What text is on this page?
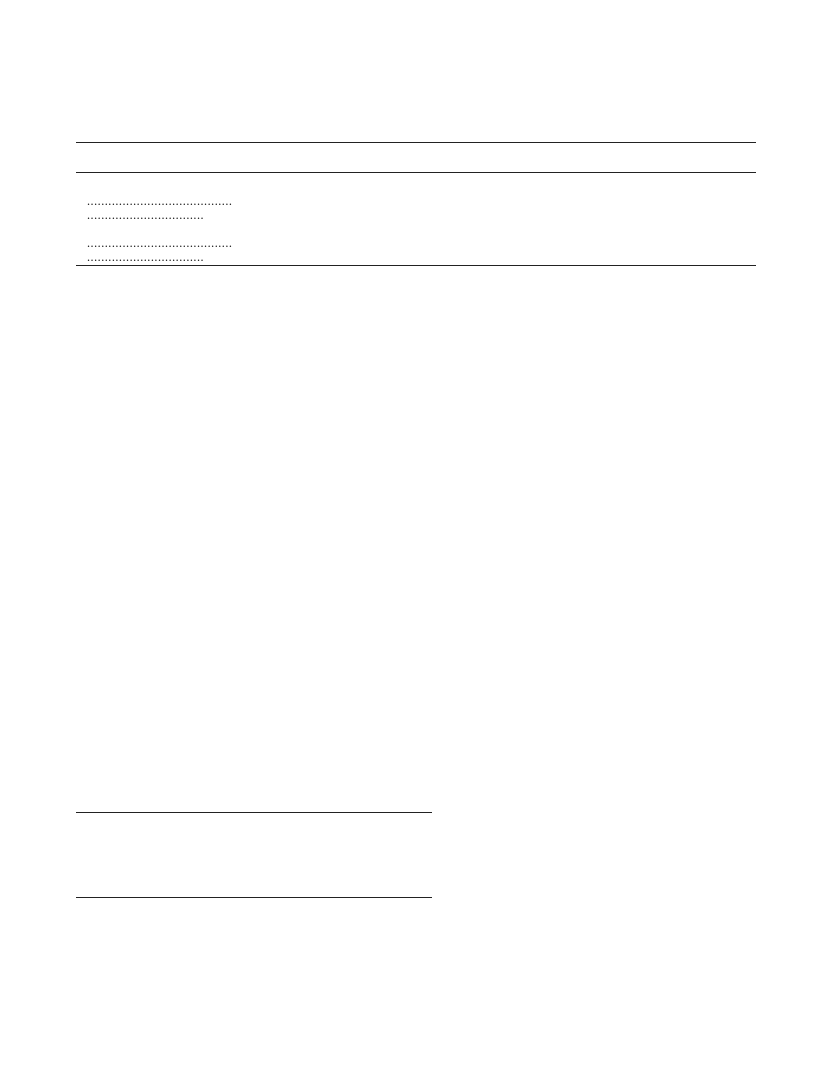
.........................................
.................................
.........................................
.................................
